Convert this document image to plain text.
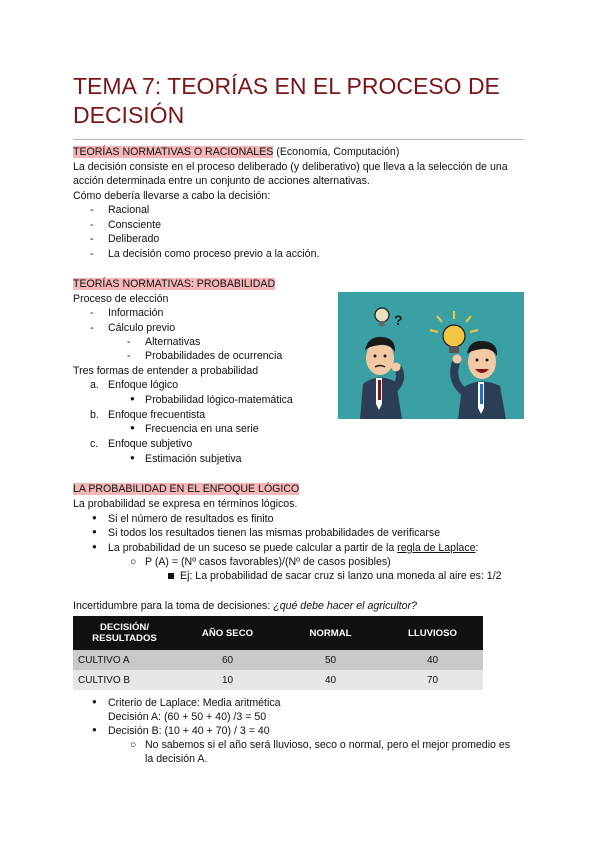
TEMA 7: TEORÍAS EN EL PROCESO DE DECISIÓN
TEORÍAS NORMATIVAS O RACIONALES (Economía, Computación)
La decisión consiste en el proceso deliberado (y deliberativo) que lleva a la selección de una
acción determinada entre un conjunto de acciones alternativas.
Cómo debería llevarse a cabo la decisión:
- Racional
- Consciente
- Deliberado
- La decisión como proceso previo a la acción.
TEORÍAS NORMATIVAS: PROBABILIDAD
Proceso de elección
- Información
- Cálculo previo
- Alternativas
- Probabilidades de ocurrencia
Tres formas de entender a probabilidad
a. Enfoque lógico
● Probabilidad lógico-matemática
b. Enfoque frecuentista
● Frecuencia en una serie
c. Enfoque subjetivo
● Estimación subjetiva
?
LA PROBABILIDAD EN EL ENFOQUE LÓGICO
La probabilidad se expresa en términos lógicos.
● Si el número de resultados es finito
● Si todos los resultados tienen las mismas probabilidades de verificarse
● La probabilidad de un suceso se puede calcular a partir de la regla de Laplace:
○ P (A) = (Nº casos favorables)/(Nº de casos posibles)
Ej: La probabilidad de sacar cruz si lanzo una moneda al aire es: 1/2
Incertidumbre para la toma de decisiones: ¿qué debe hacer el agricultor?
DECISIÓN/
RESULTADOS	AÑO SECO	NORMAL	LLUVIOSO
CULTIVO A	60	50	40
CULTIVO B	10	40	70
● Criterio de Laplace: Media aritmética
Decisión A: (60 + 50 + 40) /3 = 50
● Decisión B: (10 + 40 + 70) / 3 = 40
○ No sabemos si el año será lluvioso, seco o normal, pero el mejor promedio es
la decisión A.
